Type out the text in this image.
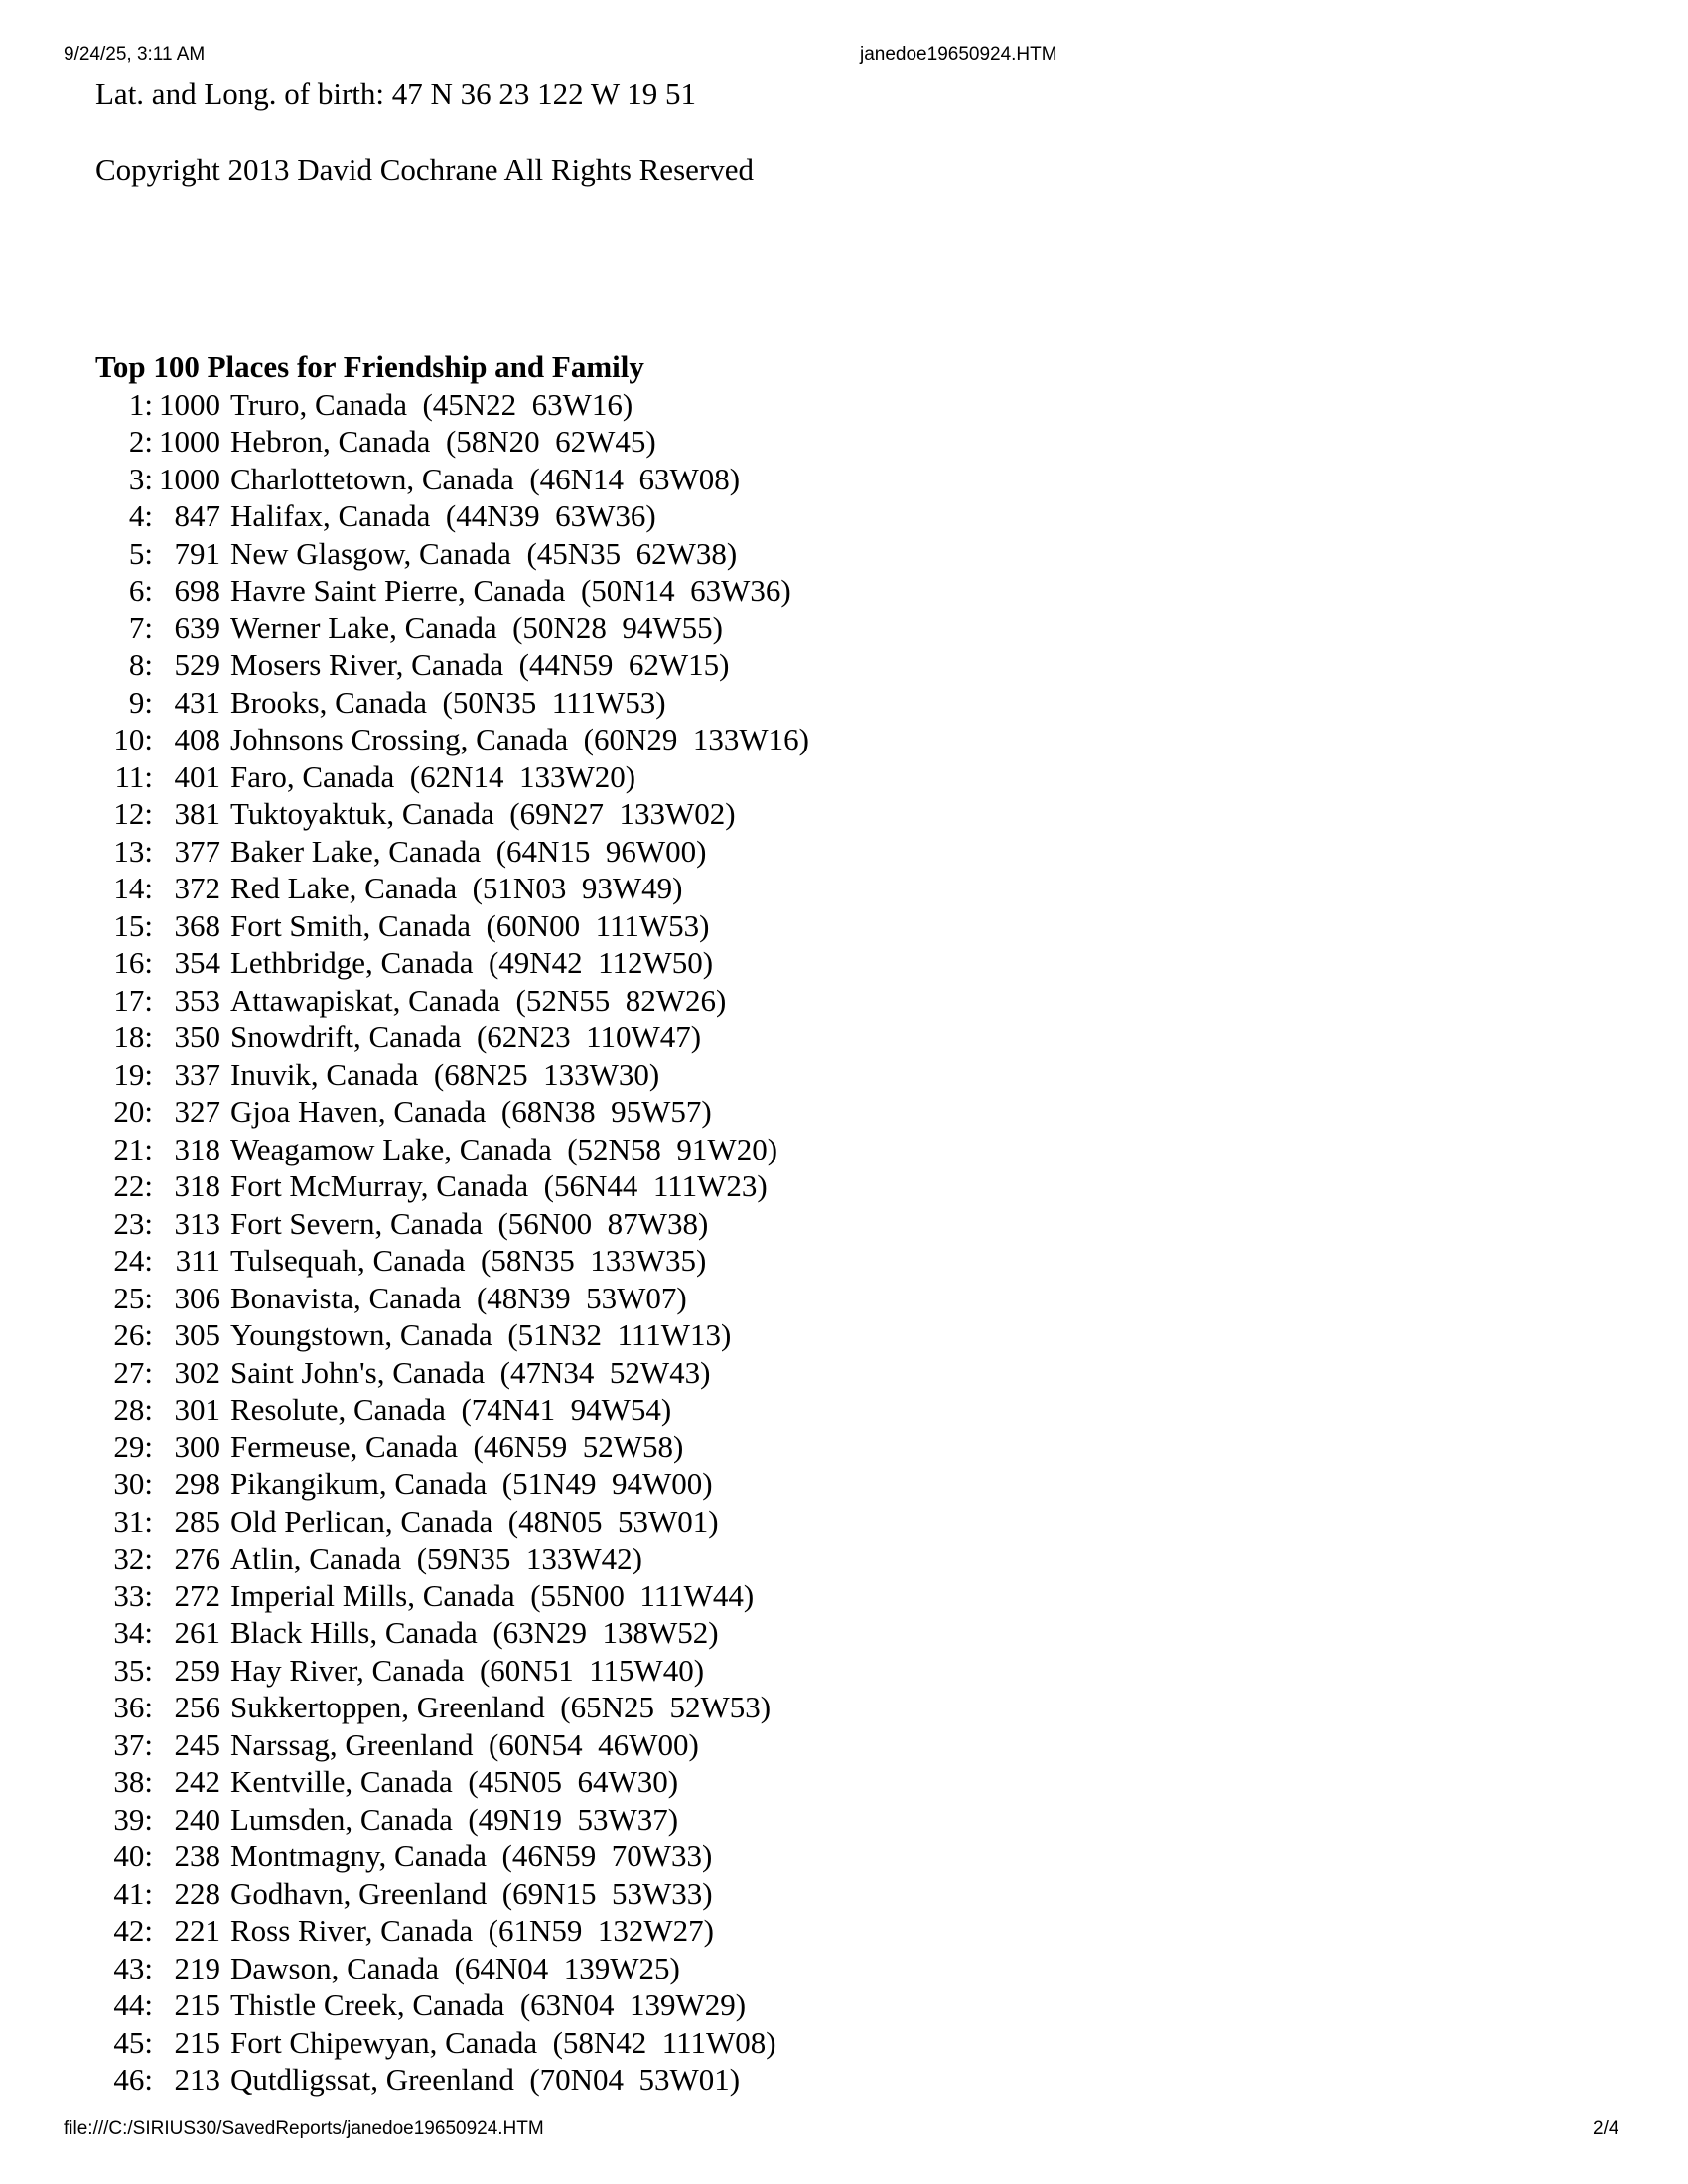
9/24/25, 3:11 AM	janedoe19650924.HTM

Lat. and Long. of birth: 47 N 36 23 122 W 19 51

Copyright 2013 David Cochrane All Rights Reserved

Top 100 Places for Friendship and Family

1: 1000 Truro, Canada (45N22  63W16)
2: 1000 Hebron, Canada (58N20  62W45)
3: 1000 Charlottetown, Canada (46N14  63W08)
4: 847 Halifax, Canada (44N39  63W36)
5: 791 New Glasgow, Canada (45N35  62W38)
6: 698 Havre Saint Pierre, Canada (50N14  63W36)
7: 639 Werner Lake, Canada (50N28  94W55)
8: 529 Mosers River, Canada (44N59  62W15)
9: 431 Brooks, Canada (50N35  111W53)
10: 408 Johnsons Crossing, Canada (60N29  133W16)
11: 401 Faro, Canada (62N14  133W20)
12: 381 Tuktoyaktuk, Canada (69N27  133W02)
13: 377 Baker Lake, Canada (64N15  96W00)
14: 372 Red Lake, Canada (51N03  93W49)
15: 368 Fort Smith, Canada (60N00  111W53)
16: 354 Lethbridge, Canada (49N42  112W50)
17: 353 Attawapiskat, Canada (52N55  82W26)
18: 350 Snowdrift, Canada (62N23  110W47)
19: 337 Inuvik, Canada (68N25  133W30)
20: 327 Gjoa Haven, Canada (68N38  95W57)
21: 318 Weagamow Lake, Canada (52N58  91W20)
22: 318 Fort McMurray, Canada (56N44  111W23)
23: 313 Fort Severn, Canada (56N00  87W38)
24: 311 Tulsequah, Canada (58N35  133W35)
25: 306 Bonavista, Canada (48N39  53W07)
26: 305 Youngstown, Canada (51N32  111W13)
27: 302 Saint John's, Canada (47N34  52W43)
28: 301 Resolute, Canada (74N41  94W54)
29: 300 Fermeuse, Canada (46N59  52W58)
30: 298 Pikangikum, Canada (51N49  94W00)
31: 285 Old Perlican, Canada (48N05  53W01)
32: 276 Atlin, Canada (59N35  133W42)
33: 272 Imperial Mills, Canada (55N00  111W44)
34: 261 Black Hills, Canada (63N29  138W52)
35: 259 Hay River, Canada (60N51  115W40)
36: 256 Sukkertoppen, Greenland (65N25  52W53)
37: 245 Narssag, Greenland (60N54  46W00)
38: 242 Kentville, Canada (45N05  64W30)
39: 240 Lumsden, Canada (49N19  53W37)
40: 238 Montmagny, Canada (46N59  70W33)
41: 228 Godhavn, Greenland (69N15  53W33)
42: 221 Ross River, Canada (61N59  132W27)
43: 219 Dawson, Canada (64N04  139W25)
44: 215 Thistle Creek, Canada (63N04  139W29)
45: 215 Fort Chipewyan, Canada (58N42  111W08)
46: 213 Qutdligssat, Greenland (70N04  53W01)
file:///C:/SIRIUS30/SavedReports/janedoe19650924.HTM	2/4
